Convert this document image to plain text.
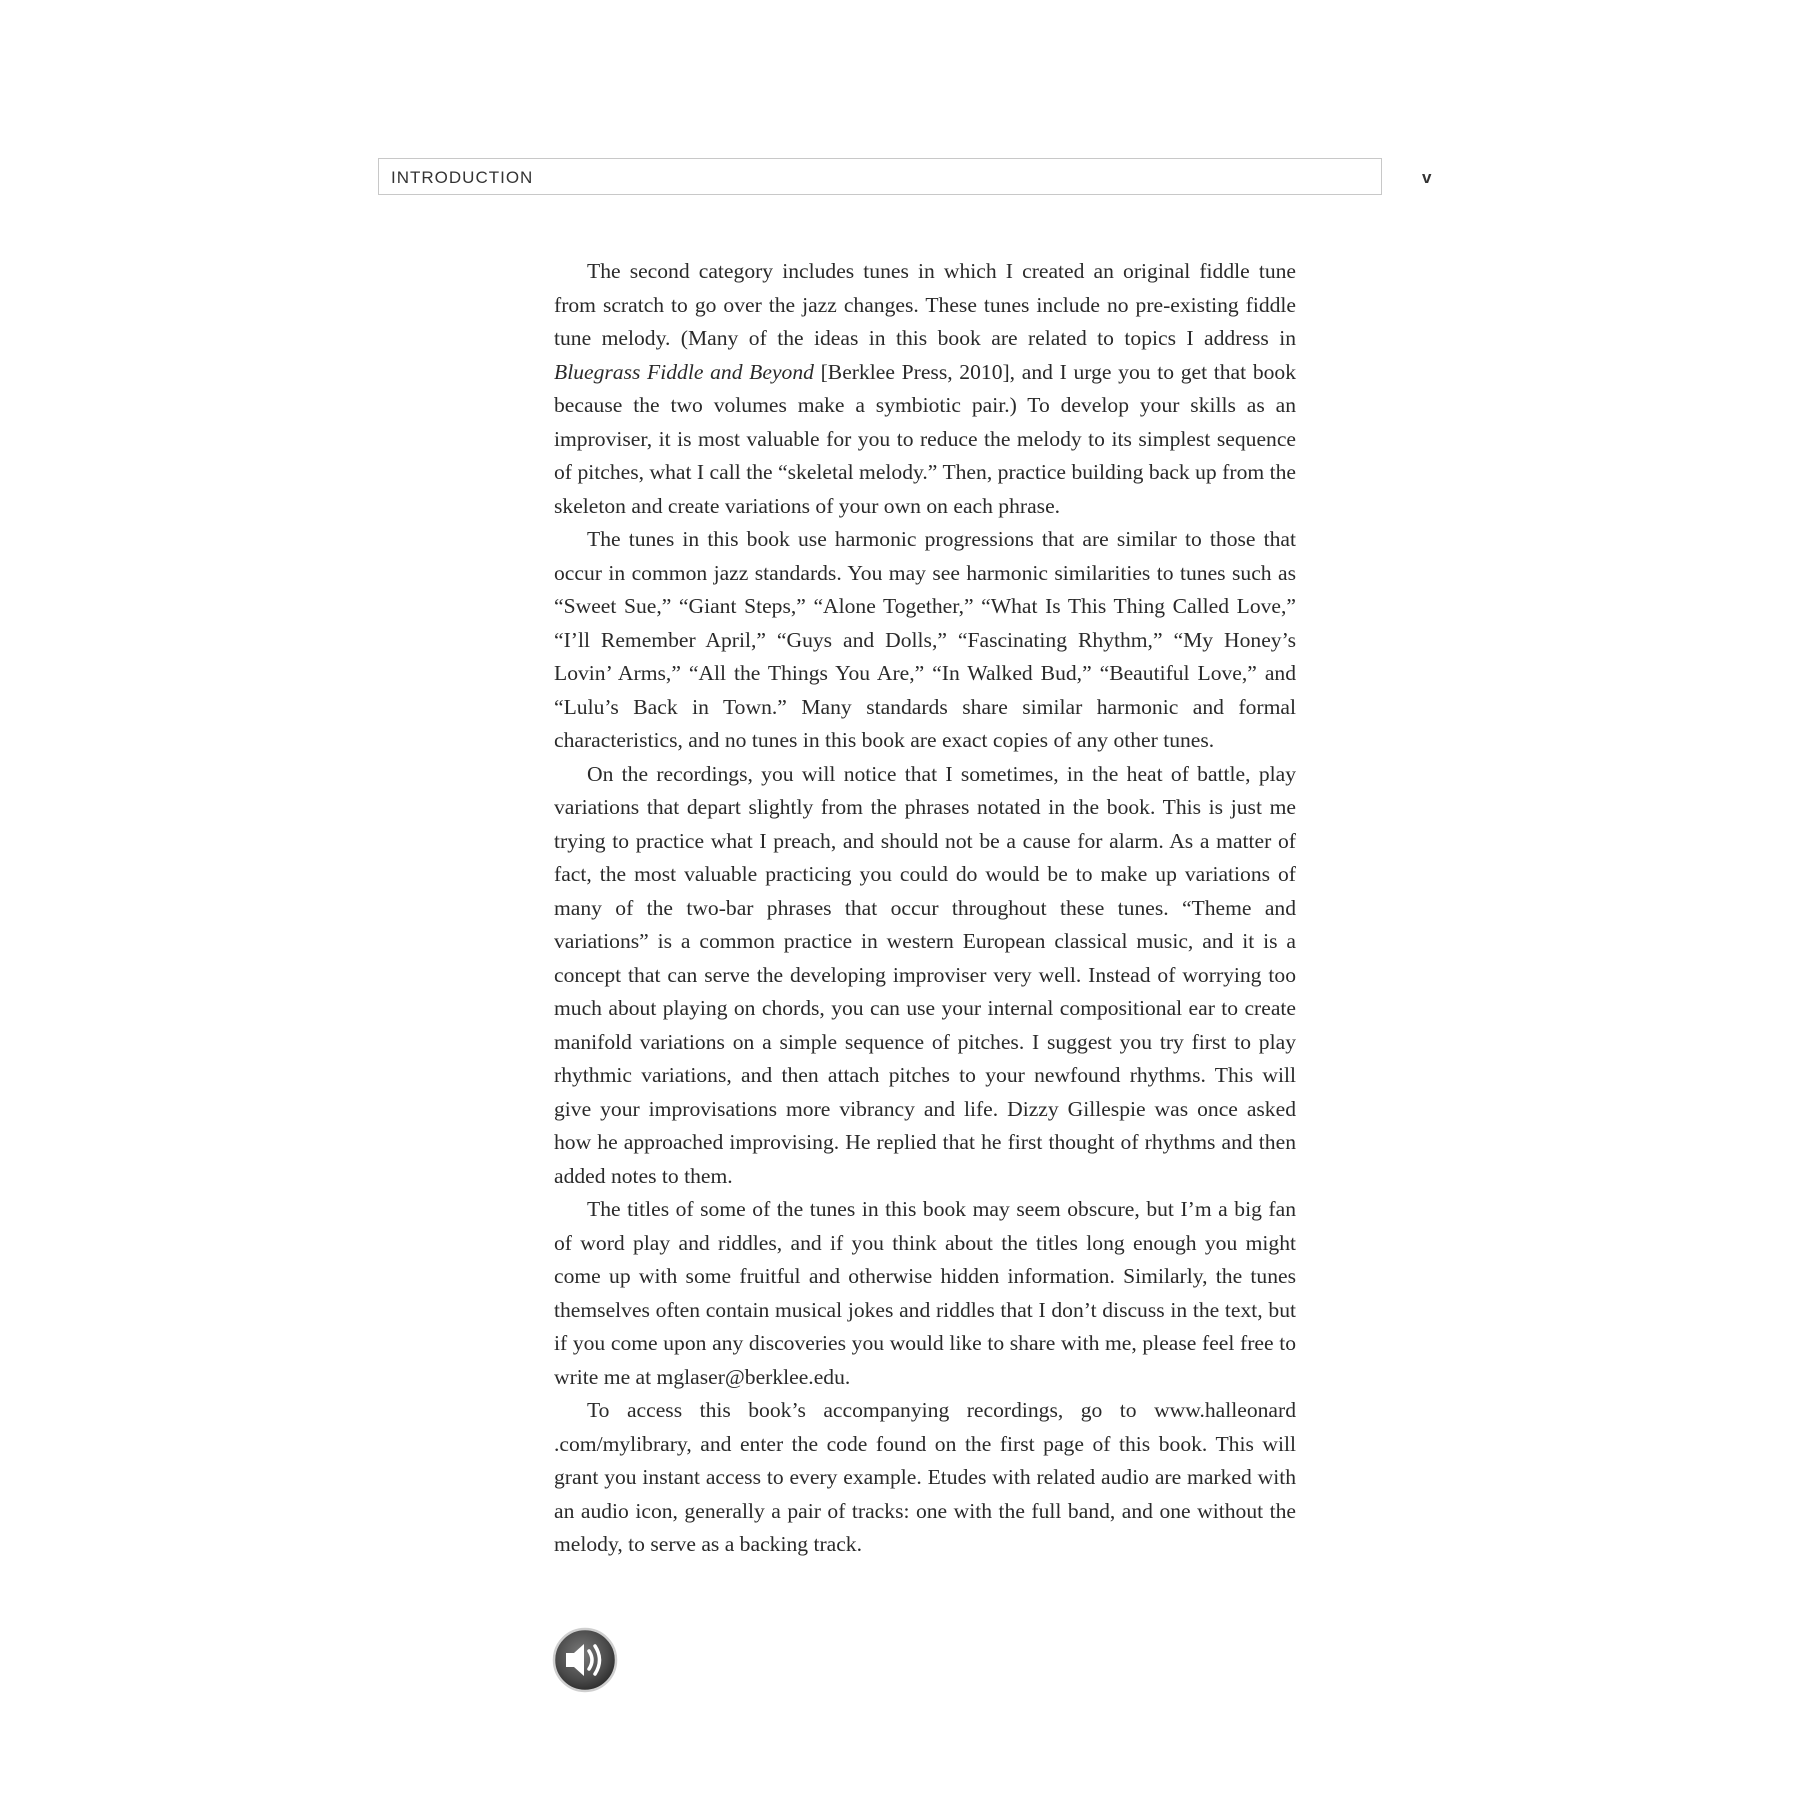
INTRODUCTION	v

The second category includes tunes in which I created an original fiddle tune from scratch to go over the jazz changes. These tunes include no pre-existing fiddle tune melody. (Many of the ideas in this book are related to topics I address in Bluegrass Fiddle and Beyond [Berklee Press, 2010], and I urge you to get that book because the two volumes make a symbiotic pair.) To develop your skills as an improviser, it is most valuable for you to reduce the melody to its simplest sequence of pitches, what I call the “skeletal melody.” Then, practice building back up from the skeleton and create variations of your own on each phrase.

The tunes in this book use harmonic progressions that are similar to those that occur in common jazz standards. You may see harmonic similarities to tunes such as “Sweet Sue,” “Giant Steps,” “Alone Together,” “What Is This Thing Called Love,” “I’ll Remember April,” “Guys and Dolls,” “Fascinating Rhythm,” “My Honey’s Lovin’ Arms,” “All the Things You Are,” “In Walked Bud,” “Beautiful Love,” and “Lulu’s Back in Town.” Many standards share similar harmonic and formal characteristics, and no tunes in this book are exact copies of any other tunes.

On the recordings, you will notice that I sometimes, in the heat of battle, play variations that depart slightly from the phrases notated in the book. This is just me trying to practice what I preach, and should not be a cause for alarm. As a matter of fact, the most valuable practicing you could do would be to make up variations of many of the two-bar phrases that occur throughout these tunes. “Theme and variations” is a common practice in western European classical music, and it is a concept that can serve the developing improviser very well. Instead of worrying too much about playing on chords, you can use your internal compositional ear to create manifold variations on a simple sequence of pitches. I suggest you try first to play rhythmic variations, and then attach pitches to your newfound rhythms. This will give your improvisations more vibrancy and life. Dizzy Gillespie was once asked how he approached improvising. He replied that he first thought of rhythms and then added notes to them.

The titles of some of the tunes in this book may seem obscure, but I’m a big fan of word play and riddles, and if you think about the titles long enough you might come up with some fruitful and otherwise hidden information. Similarly, the tunes themselves often contain musical jokes and riddles that I don’t discuss in the text, but if you come upon any discoveries you would like to share with me, please feel free to write me at mglaser@berklee.edu.

To access this book’s accompanying recordings, go to www.halleonard .com/mylibrary, and enter the code found on the first page of this book. This will grant you instant access to every example. Etudes with related audio are marked with an audio icon, generally a pair of tracks: one with the full band, and one without the melody, to serve as a backing track.
